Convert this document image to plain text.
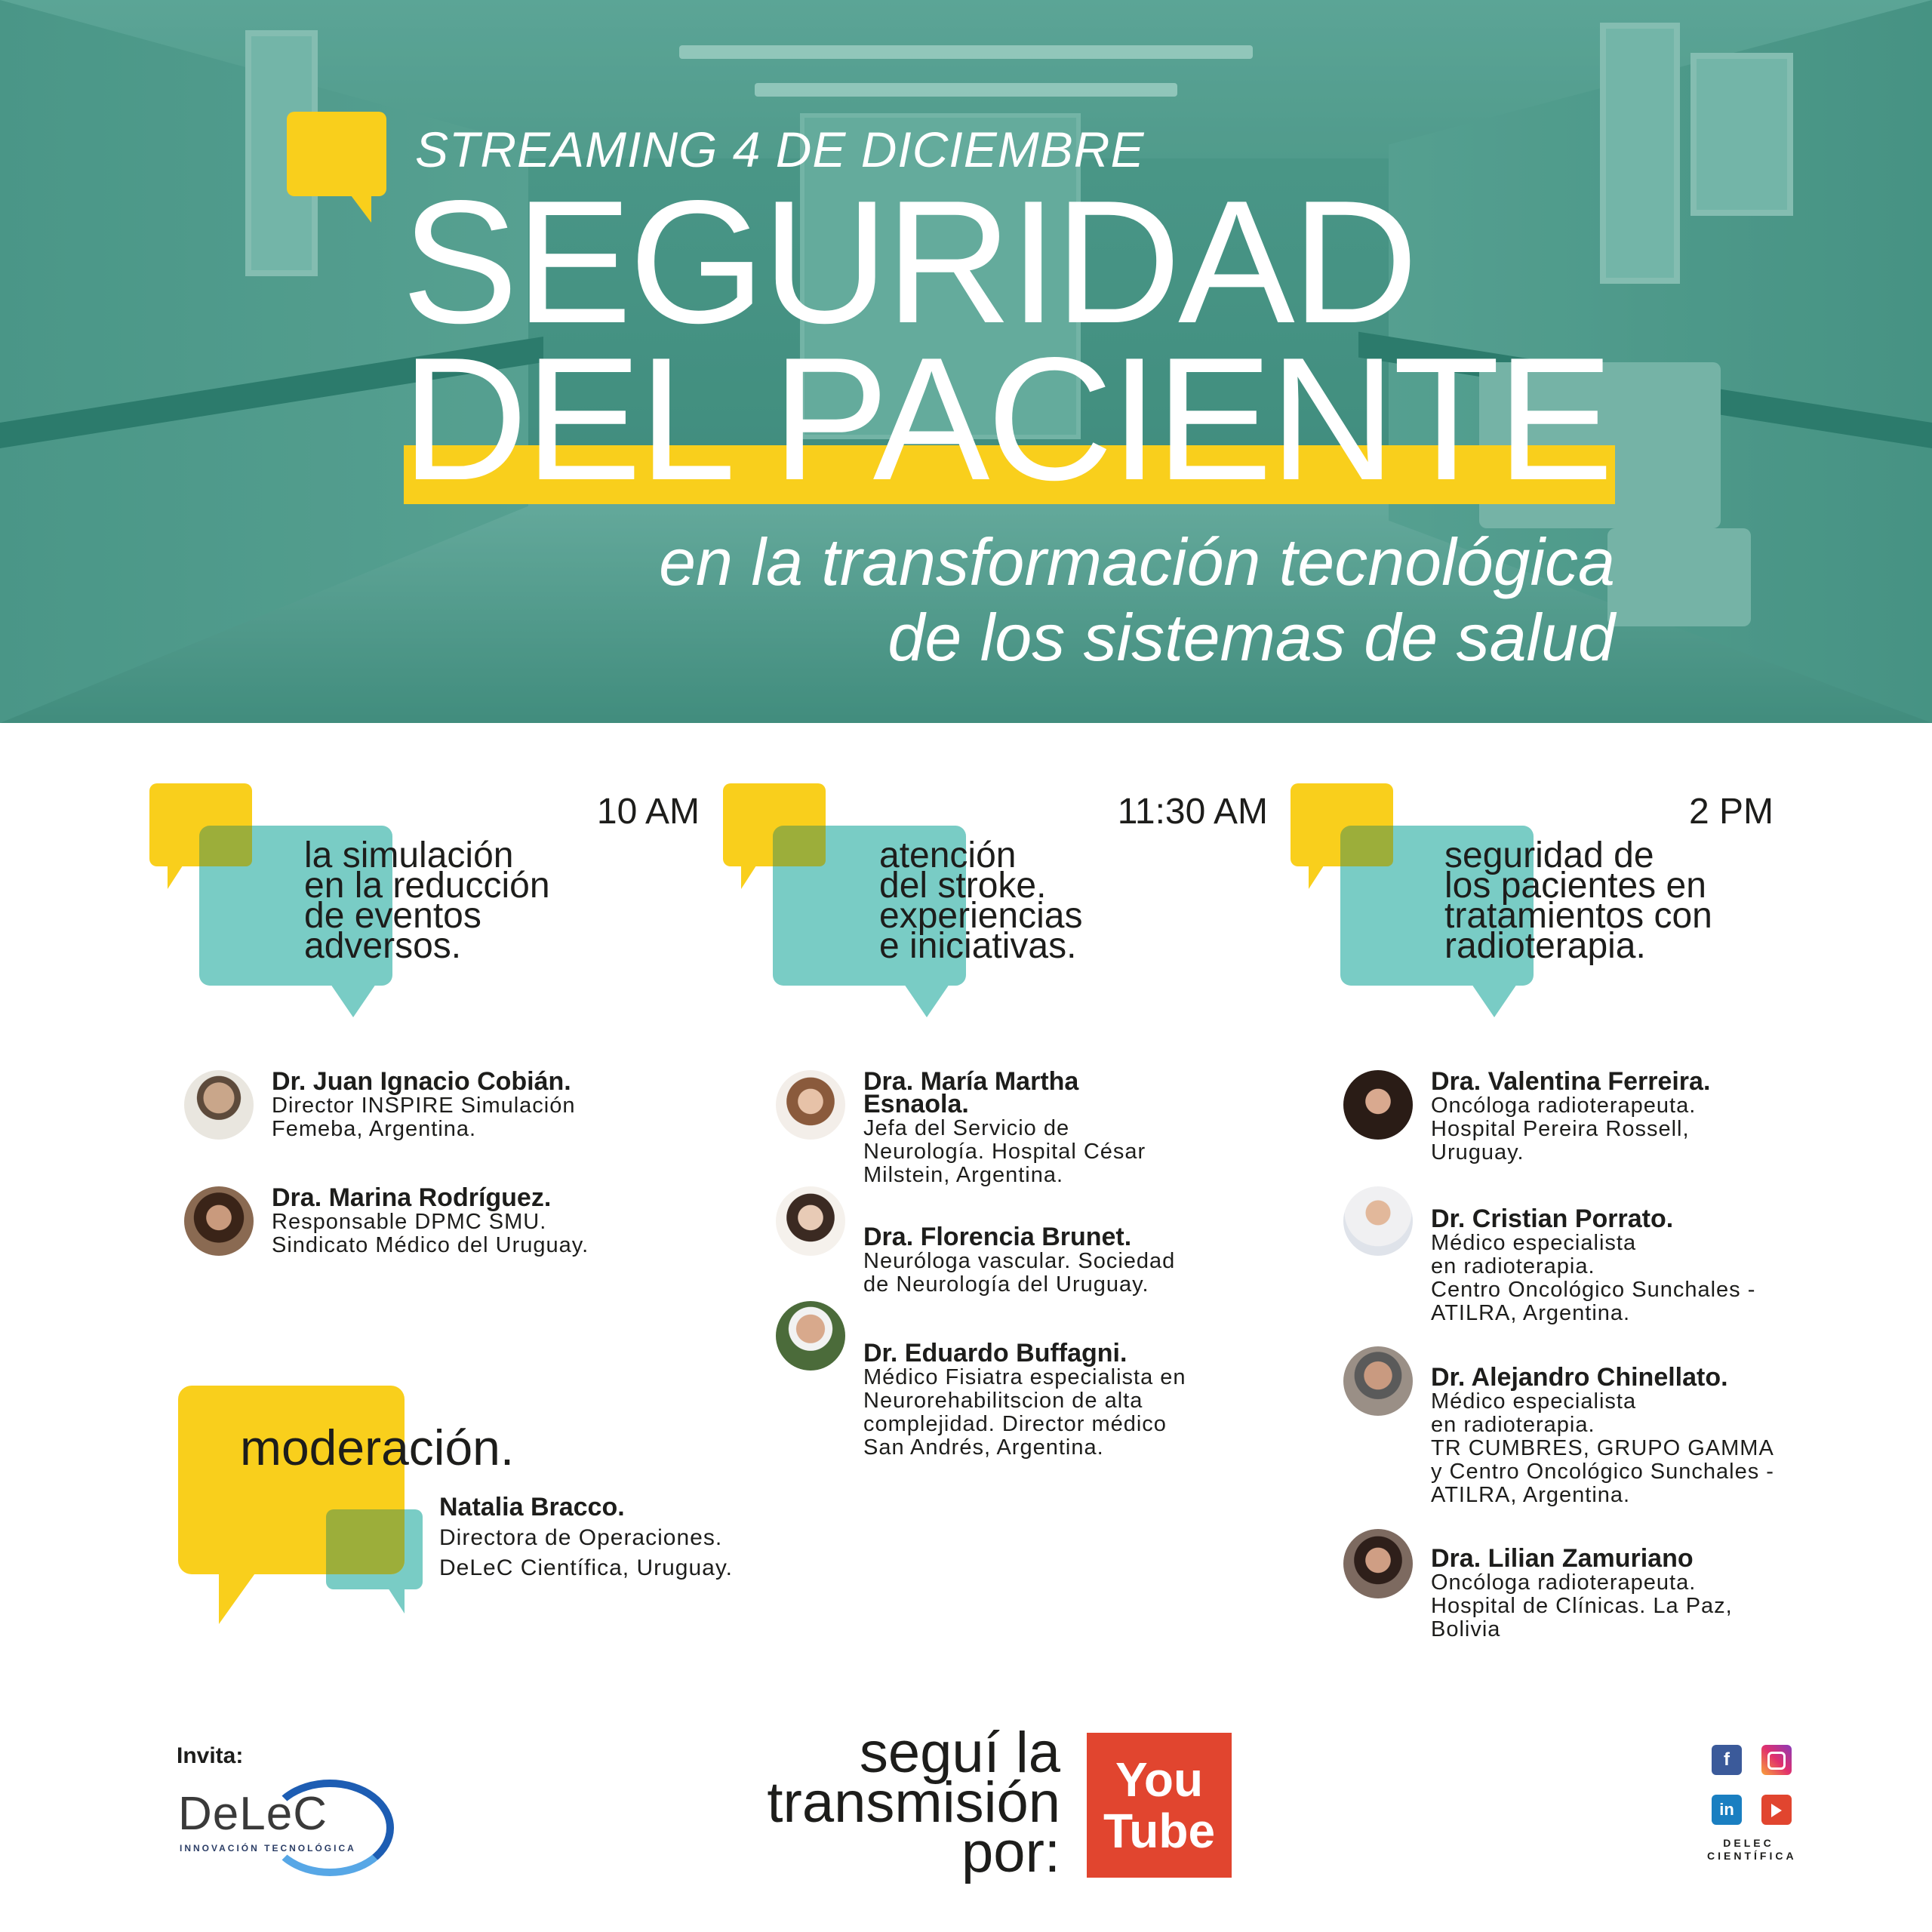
STREAMING 4 DE DICIEMBRE
SEGURIDAD
DEL PACIENTE
en la transformación tecnológica
de los sistemas de salud
10 AM
la simulación
en la reducción
de eventos
adversos.
11:30 AM
atención
del stroke.
experiencias
e iniciativas.
2 PM
seguridad de
los pacientes en
tratamientos con
radioterapia.
Dr. Juan Ignacio Cobián.
Director INSPIRE Simulación
Femeba, Argentina.
Dra. Marina Rodríguez.
Responsable DPMC SMU.
Sindicato Médico del Uruguay.
Dra. María Martha
Esnaola.
Jefa del Servicio de
Neurología. Hospital César
Milstein, Argentina.
Dra. Florencia Brunet.
Neuróloga vascular. Sociedad
de Neurología del Uruguay.
Dr. Eduardo Buffagni.
Médico Fisiatra especialista en
Neurorehabilitscion de alta
complejidad. Director médico
San Andrés, Argentina.
Dra. Valentina Ferreira.
Oncóloga radioterapeuta.
Hospital Pereira Rossell,
Uruguay.
Dr. Cristian Porrato.
Médico especialista
en radioterapia.
Centro Oncológico Sunchales -
ATILRA, Argentina.
Dr. Alejandro Chinellato.
Médico especialista
en radioterapia.
TR CUMBRES, GRUPO GAMMA
y Centro Oncológico Sunchales -
ATILRA, Argentina.
Dra. Lilian Zamuriano
Oncóloga radioterapeuta.
Hospital de Clínicas. La Paz,
Bolivia
moderación.
Natalia Bracco.
Directora de Operaciones.
DeLeC Científica, Uruguay.
Invita:
DeLeC
INNOVACIÓN TECNOLÓGICA
seguí la
transmisión
por:
You
Tube
f
in
DELEC
CIENTÍFICA
